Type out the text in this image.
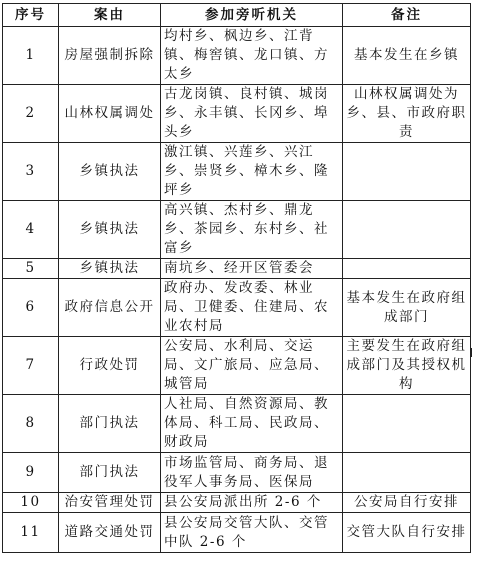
序号	案由	参加旁听机关	备注
1	房屋强制拆除	均村乡、枫边乡、江背镇、梅窖镇、龙口镇、方太乡	基本发生在乡镇
2	山林权属调处	古龙岗镇、良村镇、城岗乡、永丰镇、长冈乡、埠头乡	山林权属调处为乡、县、市政府职责
3	乡镇执法	激江镇、兴莲乡、兴江乡、崇贤乡、樟木乡、隆坪乡	
4	乡镇执法	高兴镇、杰村乡、鼎龙乡、茶园乡、东村乡、社富乡	
5	乡镇执法	南坑乡、经开区管委会	
6	政府信息公开	政府办、发改委、林业局、卫健委、住建局、农业农村局	基本发生在政府组成部门
7	行政处罚	公安局、水利局、交运局、文广旅局、应急局、城管局	主要发生在政府组成部门及其授权机构
8	部门执法	人社局、自然资源局、教体局、科工局、民政局、财政局	
9	部门执法	市场监管局、商务局、退役军人事务局、医保局	
10	治安管理处罚	县公安局派出所 2-6 个	公安局自行安排
11	道路交通处罚	县公安局交管大队、交管中队 2-6 个	交管大队自行安排
